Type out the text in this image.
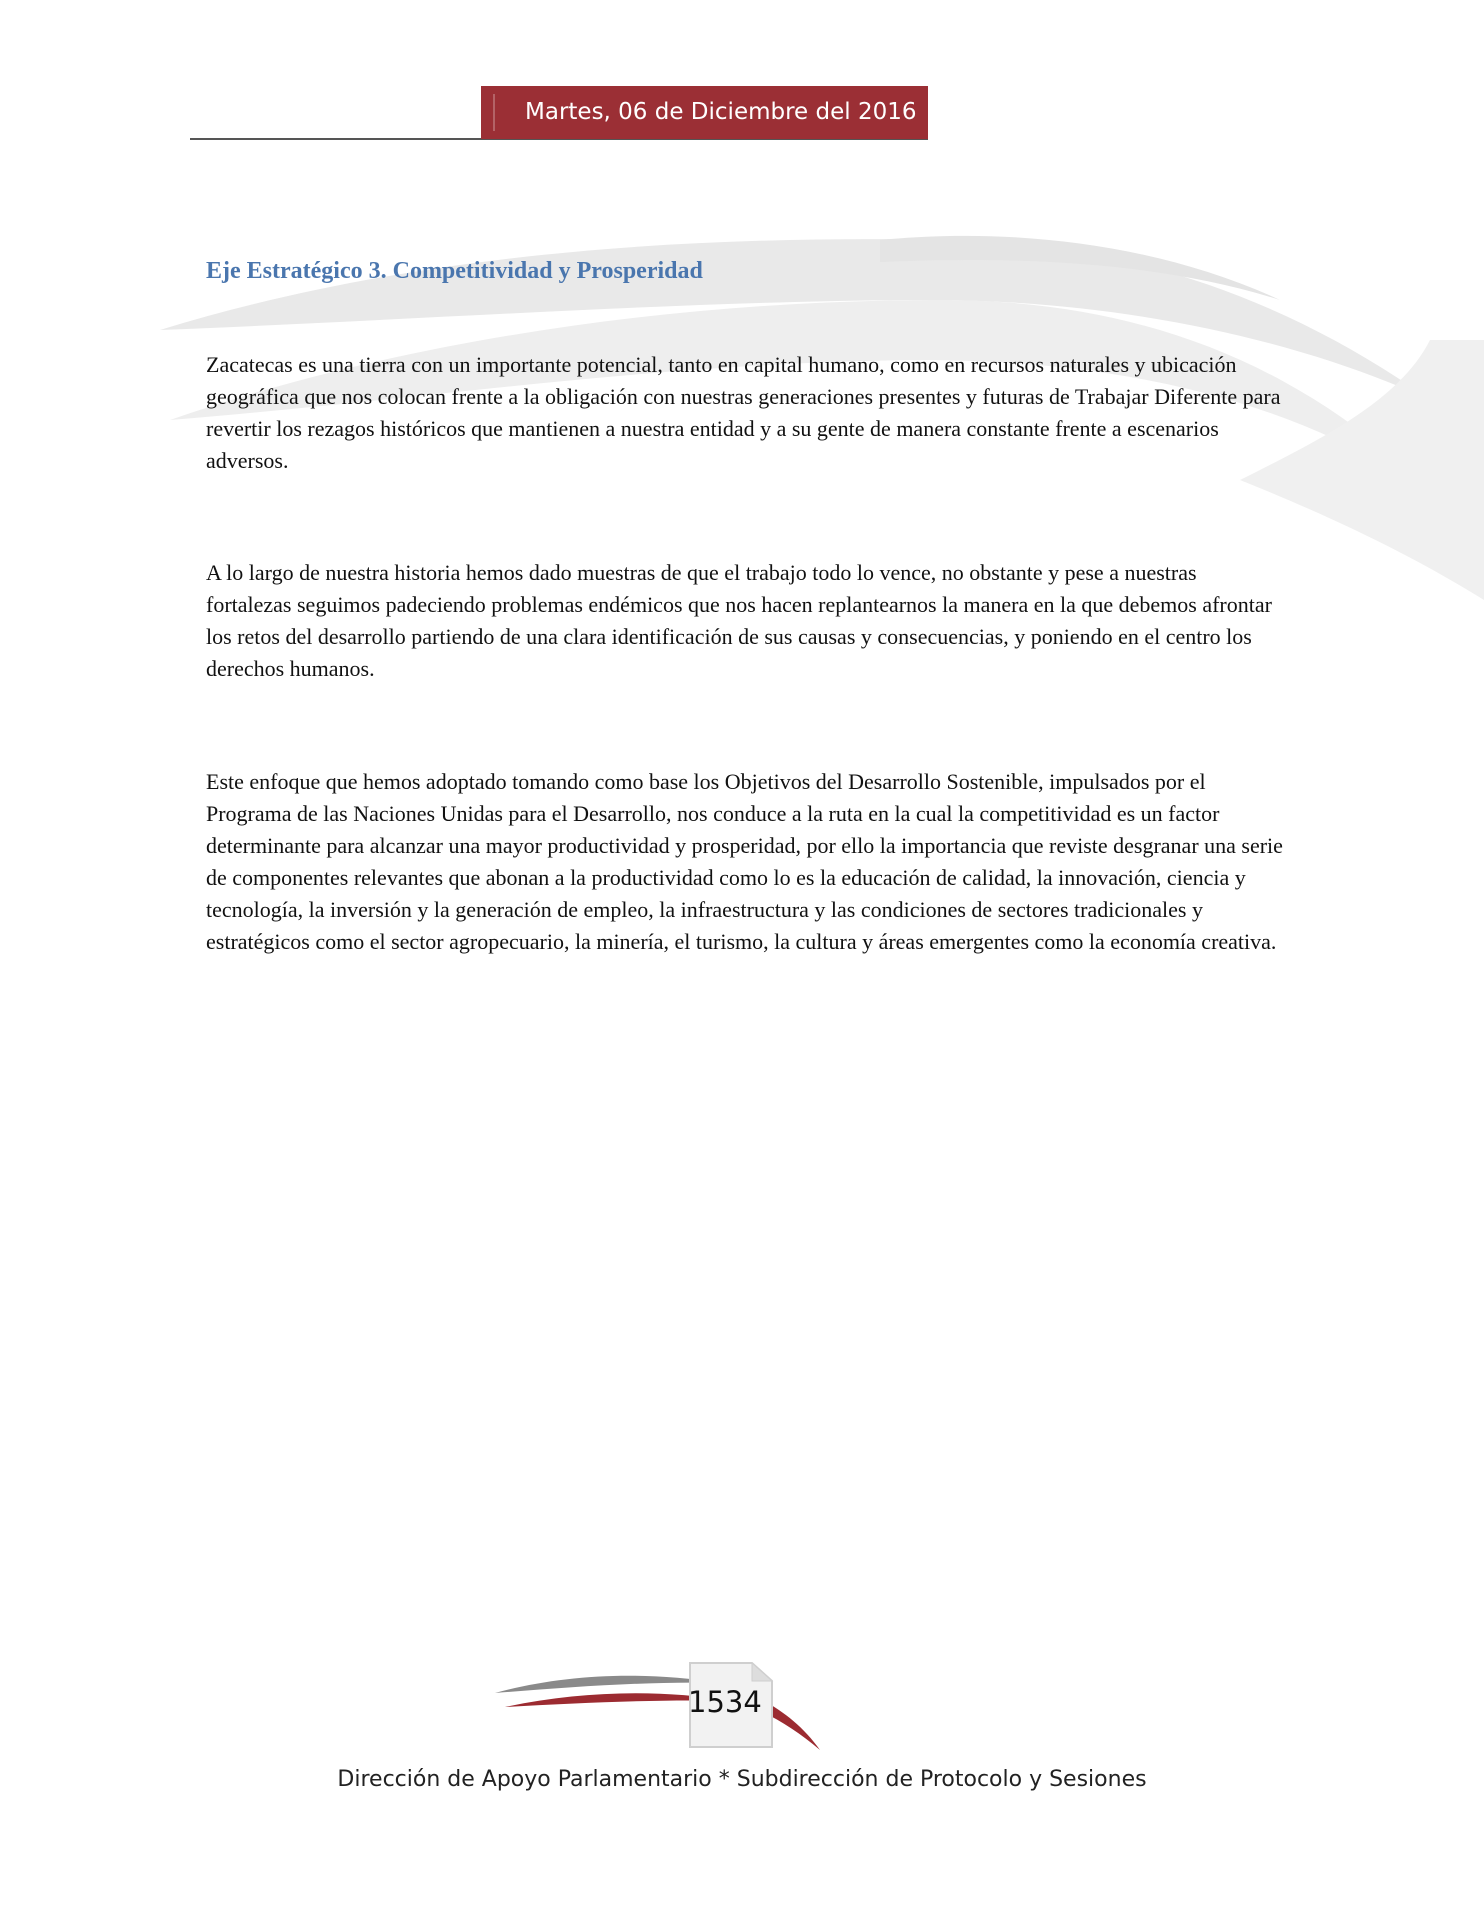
Martes, 06 de Diciembre del 2016
Eje Estratégico 3. Competitividad y Prosperidad

Zacatecas es una tierra con un importante potencial, tanto en capital humano, como en recursos naturales y ubicación geográfica que nos colocan frente a la obligación con nuestras generaciones presentes y futuras de Trabajar Diferente para revertir los rezagos históricos que mantienen a nuestra entidad y a su gente de manera constante frente a escenarios adversos.

A lo largo de nuestra historia hemos dado muestras de que el trabajo todo lo vence, no obstante y pese a nuestras fortalezas seguimos padeciendo problemas endémicos que nos hacen replantearnos la manera en la que debemos afrontar los retos del desarrollo partiendo de una clara identificación de sus causas y consecuencias, y poniendo en el centro los derechos humanos.

Este enfoque que hemos adoptado tomando como base los Objetivos del Desarrollo Sostenible, impulsados por el Programa de las Naciones Unidas para el Desarrollo, nos conduce a la ruta en la cual la competitividad es un factor determinante para alcanzar una mayor productividad y prosperidad, por ello la importancia que reviste desgranar una serie de componentes relevantes que abonan a la productividad como lo es la educación de calidad, la innovación, ciencia y tecnología, la inversión y la generación de empleo, la infraestructura y las condiciones de sectores tradicionales y estratégicos como el sector agropecuario, la minería, el turismo, la cultura y áreas emergentes como la economía creativa.

1534
Dirección de Apoyo Parlamentario * Subdirección de Protocolo y Sesiones
